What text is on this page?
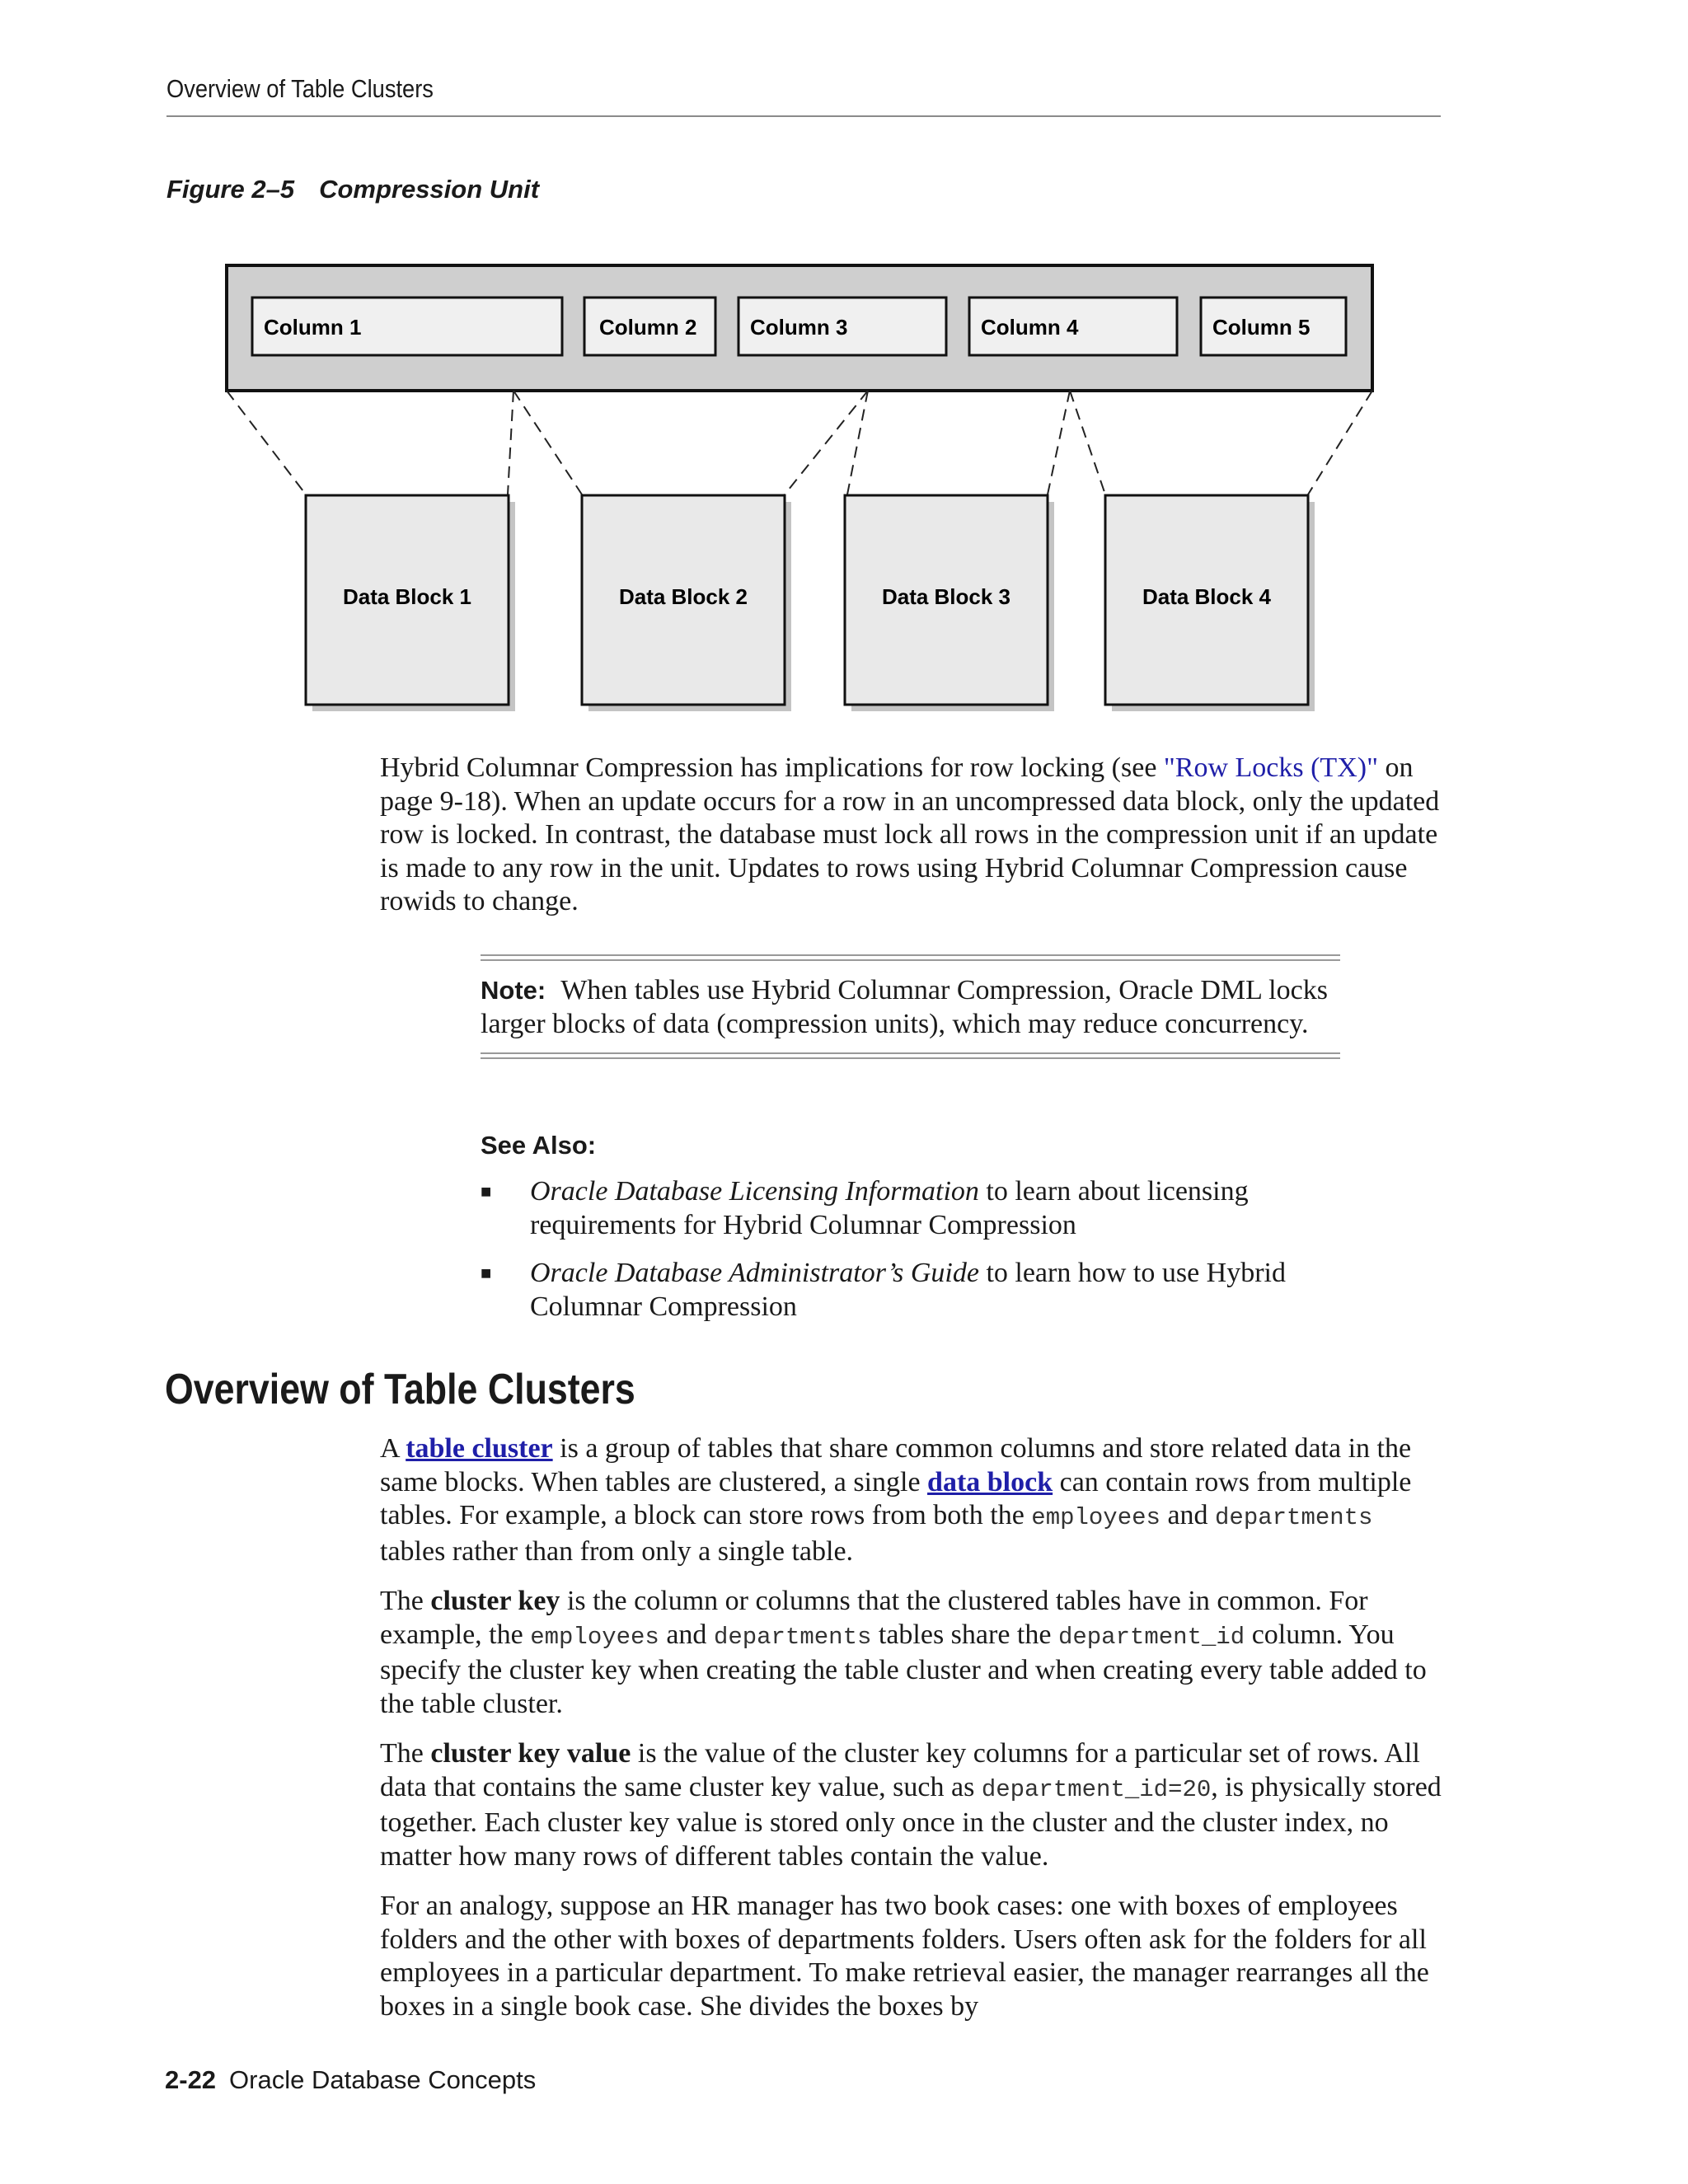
Overview of Table Clusters
Figure 2–5 Compression Unit
Column 1	Column 2 Column 3	Column 4	Column 5
Data Block 1	Data Block 2	Data Block 3	Data Block 4

Hybrid Columnar Compression has implications for row locking (see "Row Locks (TX)" on page 9-18). When an update occurs for a row in an uncompressed data block, only the updated row is locked. In contrast, the database must lock all rows in the compression unit if an update is made to any row in the unit. Updates to rows using Hybrid Columnar Compression cause rowids to change.

Note: When tables use Hybrid Columnar Compression, Oracle DML locks larger blocks of data (compression units), which may reduce concurrency.
See Also:
■	Oracle Database Licensing Information to learn about licensing requirements for Hybrid Columnar Compression
■	Oracle Database Administrator’s Guide to learn how to use Hybrid Columnar Compression
Overview of Table Clusters

A table cluster is a group of tables that share common columns and store related data in the same blocks. When tables are clustered, a single data block can contain rows from multiple tables. For example, a block can store rows from both the employees and departments tables rather than from only a single table.

The cluster key is the column or columns that the clustered tables have in common. For example, the employees and departments tables share the department_id column. You specify the cluster key when creating the table cluster and when creating every table added to the table cluster.

The cluster key value is the value of the cluster key columns for a particular set of rows. All data that contains the same cluster key value, such as department_id=20, is physically stored together. Each cluster key value is stored only once in the cluster and the cluster index, no matter how many rows of different tables contain the value.

For an analogy, suppose an HR manager has two book cases: one with boxes of employees folders and the other with boxes of departments folders. Users often ask for the folders for all employees in a particular department. To make retrieval easier, the manager rearranges all the boxes in a single book case. She divides the boxes by

2-22 Oracle Database Concepts
